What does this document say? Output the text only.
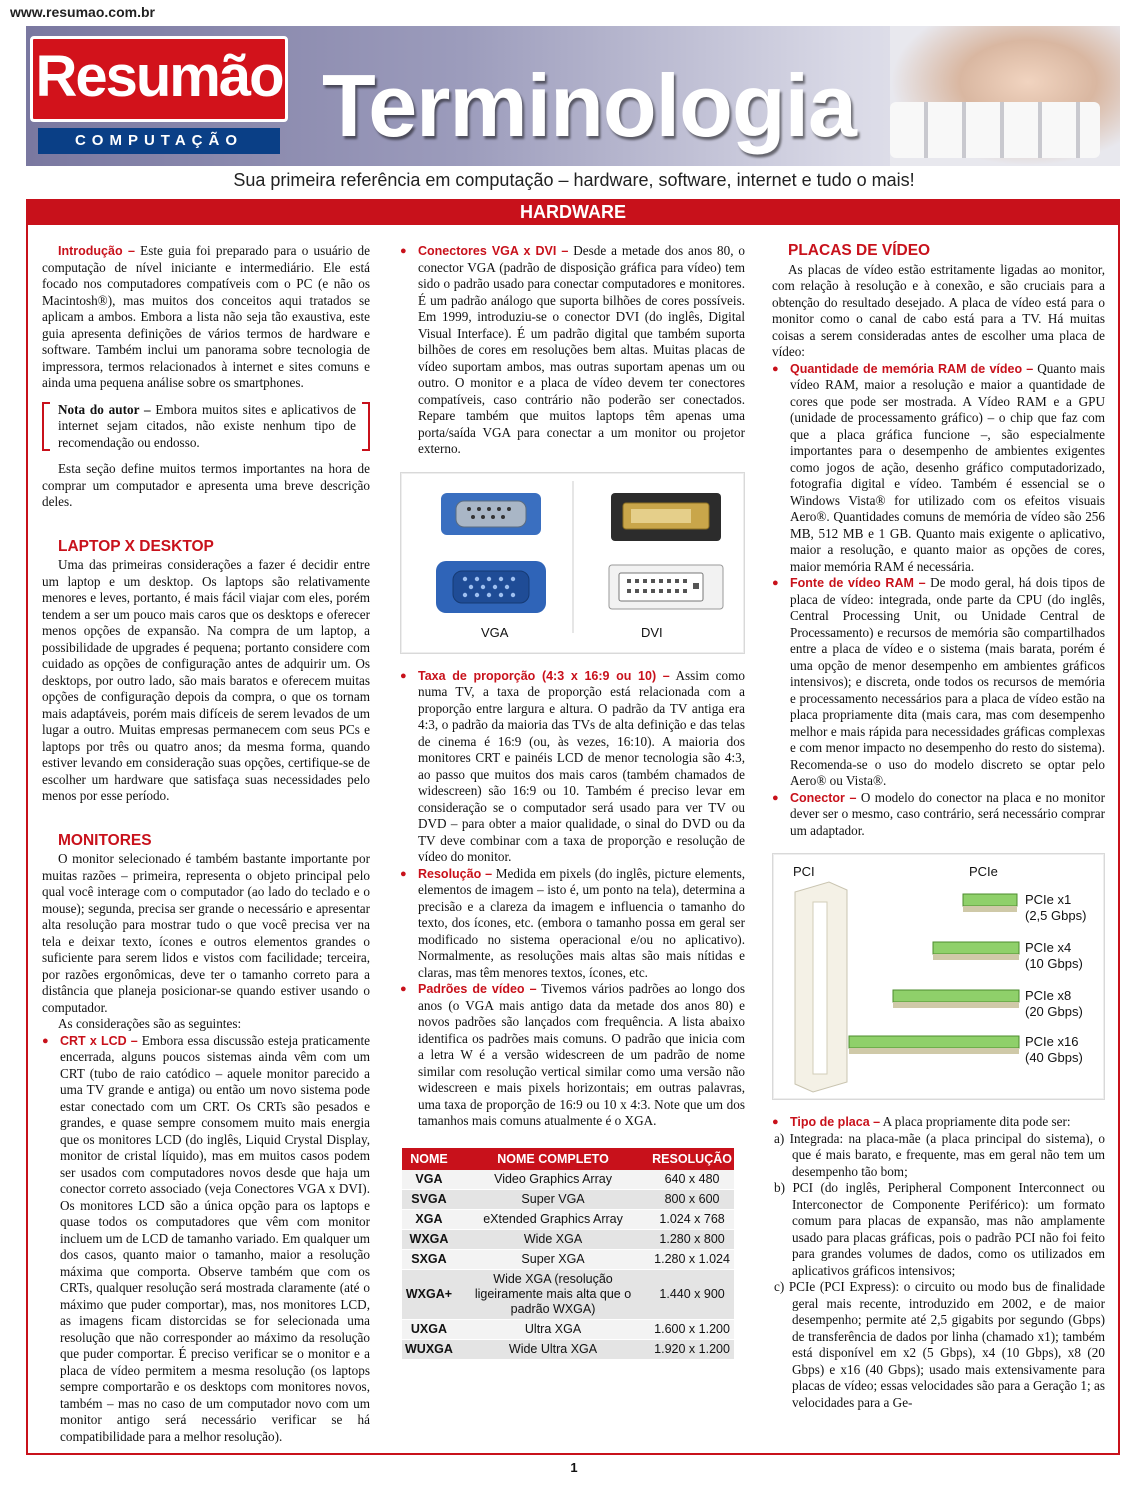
www.resumao.com.br
Resumão
COMPUTAÇÃO Terminologia
Sua primeira referência em computação – hardware, software, internet e tudo o mais!
HARDWARE

Introdução – Este guia foi preparado para o usuário de computação de nível iniciante e intermediário. Ele está focado nos computadores compatíveis com o PC (e não os Macintosh®), mas muitos dos conceitos aqui tratados se aplicam a ambos. Embora a lista não seja tão exaustiva, este guia apresenta definições de vários termos de hardware e software. Também inclui um panorama sobre tecnologia de impressora, termos relacionados à internet e sites comuns e ainda uma pequena análise sobre os smartphones.

Nota do autor – Embora muitos sites e aplicativos de internet sejam citados, não existe nenhum tipo de recomendação ou endosso.

Esta seção define muitos termos importantes na hora de comprar um computador e apresenta uma breve descrição deles.

LAPTOP X DESKTOP

Uma das primeiras considerações a fazer é decidir entre um laptop e um desktop. Os laptops são relativamente menores e leves, portanto, é mais fácil viajar com eles, porém tendem a ser um pouco mais caros que os desktops e oferecer menos opções de expansão. Na compra de um laptop, a possibilidade de upgrades é pequena; portanto considere com cuidado as opções de configuração antes de adquirir um. Os desktops, por outro lado, são mais baratos e oferecem muitas opções de configuração depois da compra, o que os tornam mais adaptáveis, porém mais difíceis de serem levados de um lugar a outro. Muitas empresas permanecem com seus PCs e laptops por três ou quatro anos; da mesma forma, quando estiver levando em consideração suas opções, certifique-se de escolher um hardware que satisfaça suas necessidades pelo menos por esse período.

MONITORES

O monitor selecionado é também bastante importante por muitas razões – primeira, representa o objeto principal pelo qual você interage com o computador (ao lado do teclado e o mouse); segunda, precisa ser grande o necessário e apresentar alta resolução para mostrar tudo o que você precisa ver na tela e deixar texto, ícones e outros elementos grandes o suficiente para serem lidos e vistos com facilidade; terceira, por razões ergonômicas, deve ter o tamanho correto para a distância que planeja posicionar-se quando estiver usando o computador.

As considerações são as seguintes:

● CRT x LCD – Embora essa discussão esteja praticamente encerrada, alguns poucos sistemas ainda vêm com um CRT (tubo de raio catódico – aquele monitor parecido a uma TV grande e antiga) ou então um novo sistema pode estar conectado com um CRT. Os CRTs são pesados e grandes, e quase sempre consomem muito mais energia que os monitores LCD (do inglês, Liquid Crystal Display, monitor de cristal líquido), mas em muitos casos podem ser usados com computadores novos desde que haja um conector correto associado (veja Conectores VGA x DVI). Os monitores LCD são a única opção para os laptops e quase todos os computadores que vêm com monitor incluem um de LCD de tamanho variado. Em qualquer um dos casos, quanto maior o tamanho, maior a resolução máxima que comporta. Observe também que com os CRTs, qualquer resolução será mostrada claramente (até o máximo que puder comportar), mas, nos monitores LCD, as imagens ficam distorcidas se for selecionada uma resolução que não corresponder ao máximo da resolução que puder comportar. É preciso verificar se o monitor e a placa de vídeo permitem a mesma resolução (os laptops sempre comportarão e os desktops com monitores novos, também – mas no caso de um computador novo com um monitor antigo será necessário verificar se há compatibilidade para a melhor resolução).

● Conectores VGA x DVI – Desde a metade dos anos 80, o conector VGA (padrão de disposição gráfica para vídeo) tem sido o padrão usado para conectar computadores e monitores. É um padrão análogo que suporta bilhões de cores possíveis. Em 1999, introduziu-se o conector DVI (do inglês, Digital Visual Interface). É um padrão digital que também suporta bilhões de cores em resoluções bem altas. Muitas placas de vídeo suportam ambos, mas outras suportam apenas um ou outro. O monitor e a placa de vídeo devem ter conectores compatíveis, caso contrário não poderão ser conectados. Repare também que muitos laptops têm apenas uma porta/saída VGA para conectar a um monitor ou projetor externo.

VGA	DVI

● Taxa de proporção (4:3 x 16:9 ou 10) – Assim como numa TV, a taxa de proporção está relacionada com a proporção entre largura e altura. O padrão da TV antiga era 4:3, o padrão da maioria das TVs de alta definição e das telas de cinema é 16:9 (ou, às vezes, 16:10). A maioria dos monitores CRT e painéis LCD de menor tecnologia são 4:3, ao passo que muitos dos mais caros (também chamados de widescreen) são 16:9 ou 10. Também é preciso levar em consideração se o computador será usado para ver TV ou DVD – para obter a maior qualidade, o sinal do DVD ou da TV deve combinar com a taxa de proporção e resolução de vídeo do monitor.

● Resolução – Medida em pixels (do inglês, picture elements, elementos de imagem – isto é, um ponto na tela), determina a precisão e a clareza da imagem e influencia o tamanho do texto, dos ícones, etc. (embora o tamanho possa em geral ser modificado no sistema operacional e/ou no aplicativo). Normalmente, as resoluções mais altas são mais nítidas e claras, mas têm menores textos, ícones, etc.

● Padrões de vídeo – Tivemos vários padrões ao longo dos anos (o VGA mais antigo data da metade dos anos 80) e novos padrões são lançados com frequência. A lista abaixo identifica os padrões mais comuns. O padrão que inicia com a letra W é a versão widescreen de um padrão de nome similar com resolução vertical similar como uma versão não widescreen e mais pixels horizontais; em outras palavras, uma taxa de proporção de 16:9 ou 10 x 4:3. Note que um dos tamanhos mais comuns atualmente é o XGA.

NOME	NOME COMPLETO	RESOLUÇÃO
VGA	Video Graphics Array	640 x 480
SVGA	Super VGA	800 x 600
XGA	eXtended Graphics Array	1.024 x 768
WXGA	Wide XGA	1.280 x 800
SXGA	Super XGA	1.280 x 1.024
WXGA+	Wide XGA (resolução ligeiramente mais alta que o padrão WXGA)	1.440 x 900
UXGA	Ultra XGA	1.600 x 1.200
WUXGA	Wide Ultra XGA	1.920 x 1.200
PLACAS DE VÍDEO

As placas de vídeo estão estritamente ligadas ao monitor, com relação à resolução e à conexão, e são cruciais para a obtenção do resultado desejado. A placa de vídeo está para o monitor como o canal de cabo está para a TV. Há muitas coisas a serem consideradas antes de escolher uma placa de vídeo:

● Quantidade de memória RAM de vídeo – Quanto mais vídeo RAM, maior a resolução e maior a quantidade de cores que pode ser mostrada. A Vídeo RAM e a GPU (unidade de processamento gráfico) – o chip que faz com que a placa gráfica funcione –, são especialmente importantes para o desempenho de ambientes exigentes como jogos de ação, desenho gráfico computadorizado, fotografia digital e vídeo. Também é essencial se o Windows Vista® for utilizado com os efeitos visuais Aero®. Quantidades comuns de memória de vídeo são 256 MB, 512 MB e 1 GB. Quanto mais exigente o aplicativo, maior a resolução, e quanto maior as opções de cores, maior memória RAM é necessária.

● Fonte de vídeo RAM – De modo geral, há dois tipos de placa de vídeo: integrada, onde parte da CPU (do inglês, Central Processing Unit, ou Unidade Central de Processamento) e recursos de memória são compartilhados entre a placa de vídeo e o sistema (mais barata, porém é uma opção de menor desempenho em ambientes gráficos intensivos); e discreta, onde todos os recursos de memória e processamento necessários para a placa de vídeo estão na placa propriamente dita (mais cara, mas com desempenho melhor e mais rápida para necessidades gráficas complexas e com menor impacto no desempenho do resto do sistema). Recomenda-se o uso do modelo discreto se optar pelo Aero® ou Vista®.

● Conector – O modelo do conector na placa e no monitor dever ser o mesmo, caso contrário, será necessário comprar um adaptador.

PCI	PCIe
PCIe x1
(2,5 Gbps)
PCIe x4
(10 Gbps)
PCIe x8
(20 Gbps)
PCIe x16
(40 Gbps)

● Tipo de placa – A placa propriamente dita pode ser:

a) Integrada: na placa-mãe (a placa principal do sistema), o que é mais barato, e frequente, mas em geral não tem um desempenho tão bom;

b) PCI (do inglês, Peripheral Component Interconnect ou Interconector de Componente Periférico): um formato comum para placas de expansão, mas não amplamente usado para placas gráficas, pois o padrão PCI não foi feito para grandes volumes de dados, como os utilizados em aplicativos gráficos intensivos;

c) PCIe (PCI Express): o circuito ou modo bus de finalidade geral mais recente, introduzido em 2002, e de maior desempenho; permite até 2,5 gigabits por segundo (Gbps) de transferência de dados por linha (chamado x1); também está disponível em x2 (5 Gbps), x4 (10 Gbps), x8 (20 Gbps) e x16 (40 Gbps); usado mais extensivamente para placas de vídeo; essas velocidades são para a Geração 1; as velocidades para a Ge-

1
